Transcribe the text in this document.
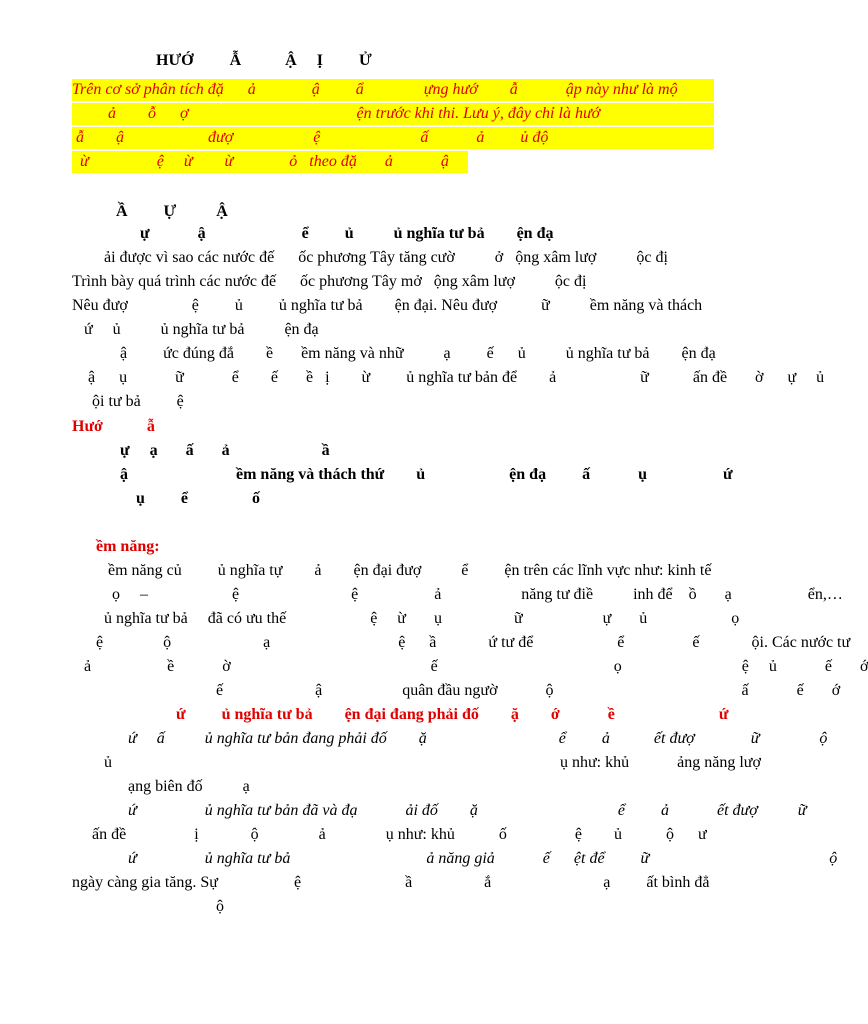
HƯỚ         Ẫ           Ậ     Ị         Ử
Trên cơ sở phân tích đặ      ả              ậ         ẩ               ựng hướ        ẫ            ập này như là mộ
ả        ỗ      ợ                                          ện trước khi thi. Lưu ý, đây chỉ là hướ
ẫ        ậ                     đượ                    ệ                         ấ            ả         ủ độ
ừ                 ệ     ừ        ừ              ỏ   theo đặ       ả            ậ
Ầ         Ự          Ậ
ự            ậ                        ể         ủ          ủ nghĩa tư bả        ện đạ
ải được vì sao các nước đế      ốc phương Tây tăng cườ          ở   ộng xâm lượ          ộc đị
Trình bày quá trình các nước đế      ốc phương Tây mở   ộng xâm lượ          ộc đị
Nêu đượ                ệ         ủ         ủ nghĩa tư bả        ện đại. Nêu đượ           ữ          ềm năng và thách
ứ     ủ          ủ nghĩa tư bả          ện đạ
ậ         ức đúng đắ        ề       ềm năng và nhữ          ạ         ế      ủ          ủ nghĩa tư bả        ện đạ
ậ      ụ            ữ            ể        ế       ề   ị        ừ         ủ nghĩa tư bản để        ả                     ữ           ấn đề       ờ      ự     ủ
ội tư bả         ệ
Hướ           ẫ
ự     ạ       ấ       ả                       ầ
ậ                           ềm năng và thách thứ        ủ                     ện đạ         ấ            ụ                   ứ
ụ         ể                ố
ềm năng:
ềm năng củ         ủ nghĩa tự        ả        ện đại đượ          ể         ện trên các lĩnh vực như: kinh tế
ọ     –                     ệ                            ệ                   ả                    năng tư điề          inh để    ồ       ạ                   ển,…
ủ nghĩa tư bả     đã có ưu thế                     ệ     ừ       ụ                  ữ                    ự       ủ                     ọ
ệ               ộ                       ạ                                ệ      ầ             ứ tư để                     ể                 ế             ội. Các nước tư
ả                   ề            ờ                                                  ế                                            ọ                              ệ     ủ            ế       ớ
ế                       ậ                    quân đầu ngườ            ộ                                               ấ            ế       ớ
ứ         ủ nghĩa tư bả        ện đại đang phải đố        ặ        ớ            ề                          ứ
ứ     ấ          ủ nghĩa tư bản đang phải đố        ặ                                 ể         ả           ết đượ              ữ               ộ
ủ                                                                                                                ụ như: khủ            ảng năng lượ
ạng biên đố          ạ
ứ                 ủ nghĩa tư bản đã và đạ            ải đố        ặ                                   ể         ả            ết đượ          ữ
ấn đề                 ị             ộ               ả               ụ như: khủ           ố                 ệ        ủ           ộ      ư
ứ                 ủ nghĩa tư bả                                  ả năng giả            ế      ệt để         ữ                                             ộ
ngày càng gia tăng. Sự                   ệ                          ầ                  ắ                            ạ         ất bình đẳ
ộ
